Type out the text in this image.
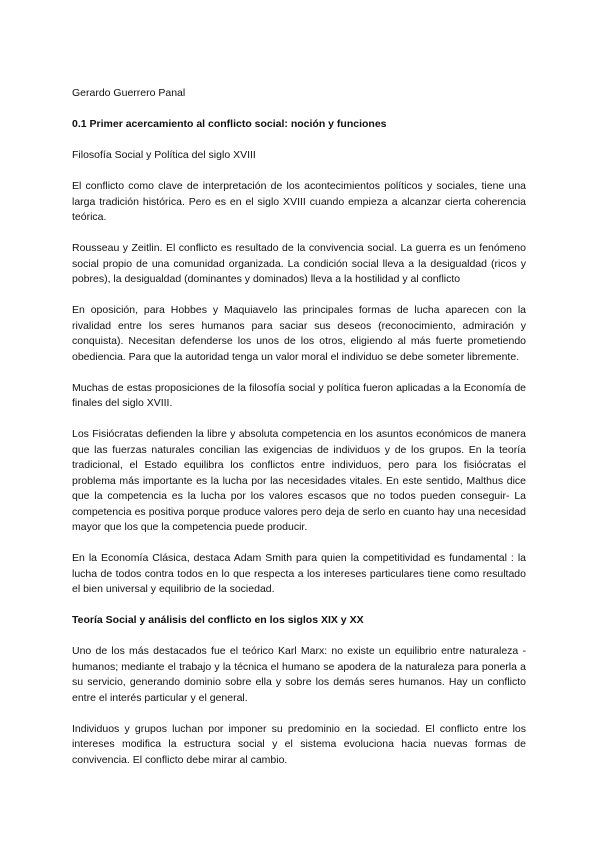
Gerardo Guerrero Panal

0.1 Primer acercamiento al conflicto social: noción y funciones

Filosofía Social y Política del siglo XVIII

El conflicto como clave de interpretación de los acontecimientos políticos y sociales, tiene una larga tradición histórica. Pero es en el siglo XVIII cuando empieza a alcanzar cierta coherencia teórica.

Rousseau y Zeitlin. El conflicto es resultado de la convivencia social. La guerra es un fenómeno social propio de una comunidad organizada. La condición social lleva a la desigualdad (ricos y pobres), la desigualdad (dominantes y dominados) lleva a la hostilidad y al conflicto

En oposición, para Hobbes y Maquiavelo las principales formas de lucha aparecen con la rivalidad entre los seres humanos para saciar sus deseos (reconocimiento, admiración y conquista). Necesitan defenderse los unos de los otros, eligiendo al más fuerte prometiendo obediencia. Para que la autoridad tenga un valor moral el individuo se debe someter libremente.

Muchas de estas proposiciones de la filosofía social y política fueron aplicadas a la Economía de finales del siglo XVIII.

Los Fisiócratas defienden la libre y absoluta competencia en los asuntos económicos de manera que las fuerzas naturales concilian las exigencias de individuos y de los grupos. En la teoría tradicional, el Estado equilibra los conflictos entre individuos, pero para los fisiócratas el problema más importante es la lucha por las necesidades vitales. En este sentido, Malthus dice que la competencia es la lucha por los valores escasos que no todos pueden conseguir- La competencia es positiva porque produce valores pero deja de serlo en cuanto hay una necesidad mayor que los que la competencia puede producir.

En la Economía Clásica, destaca Adam Smith para quien la competitividad es fundamental : la lucha de todos contra todos en lo que respecta a los intereses particulares tiene como resultado el bien universal y equilibrio de la sociedad.

Teoría Social y análisis del conflicto en los siglos XIX y XX

Uno de los más destacados fue el teórico Karl Marx: no existe un equilibrio entre naturaleza - humanos; mediante el trabajo y la técnica el humano se apodera de la naturaleza para ponerla a su servicio, generando dominio sobre ella y sobre los demás seres humanos. Hay un conflicto entre el interés particular y el general.

Individuos y grupos luchan por imponer su predominio en la sociedad. El conflicto entre los intereses modifica la estructura social y el sistema evoluciona hacia nuevas formas de convivencia. El conflicto debe mirar al cambio.
